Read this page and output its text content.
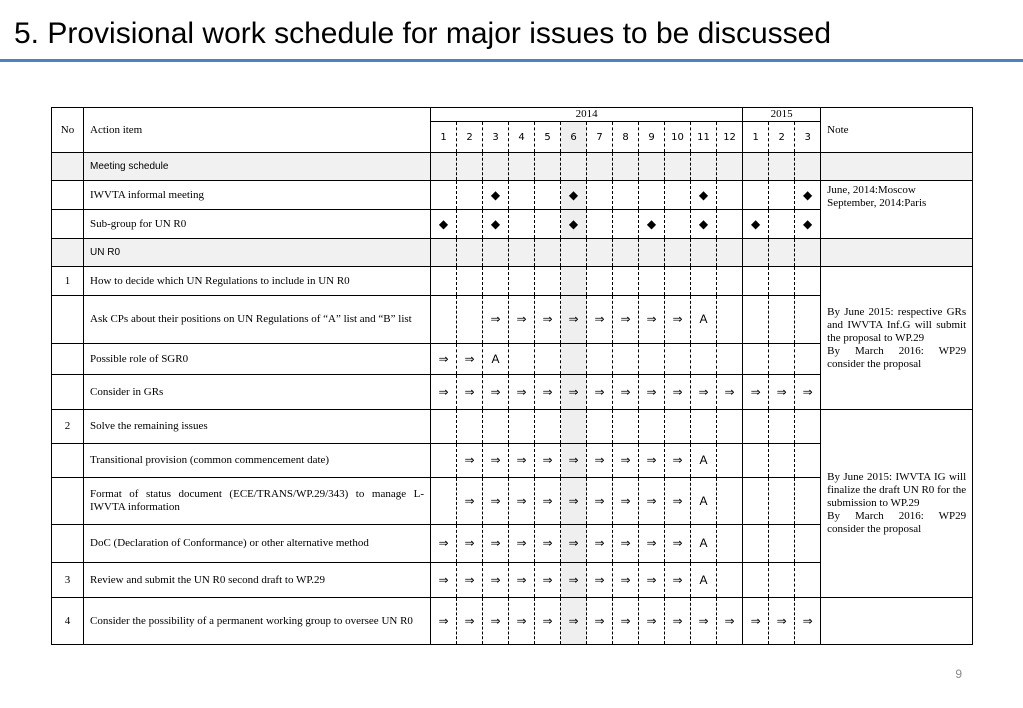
5. Provisional work schedule for major issues to be discussed
No	Action item	2014												2015			Note
		1	2	3	4	5	6	7	8	9	10	11	12	1	2	3	
	Meeting schedule																
	IWVTA informal meeting			◆			◆					◆				◆	June, 2014:Moscow
September, 2014:Paris
	Sub-group for UN R0	◆		◆			◆			◆		◆		◆		◆	
	UN R0																
1	How to decide which UN Regulations to include in UN R0																By June 2015: respective GRs and IWVTA Inf.G will submit the proposal to WP.29
By March 2016: WP29 consider the proposal
	Ask CPs about their positions on UN Regulations of “A” list and “B” list			⇒	⇒	⇒	⇒	⇒	⇒	⇒	⇒	A					
	Possible role of SGR0	⇒	⇒	A													
	Consider in GRs	⇒	⇒	⇒	⇒	⇒	⇒	⇒	⇒	⇒	⇒	⇒	⇒	⇒	⇒	⇒	
2	Solve the remaining issues																By June 2015: IWVTA IG will finalize the draft UN R0 for the submission to WP.29
By March 2016: WP29 consider the proposal
	Transitional provision (common commencement date)		⇒	⇒	⇒	⇒	⇒	⇒	⇒	⇒	⇒	A					
	Format of status document (ECE/TRANS/WP.29/343) to manage L-IWVTA information		⇒	⇒	⇒	⇒	⇒	⇒	⇒	⇒	⇒	A					
	DoC (Declaration of Conformance) or other alternative method	⇒	⇒	⇒	⇒	⇒	⇒	⇒	⇒	⇒	⇒	A					
3	Review and submit the UN R0 second draft to WP.29	⇒	⇒	⇒	⇒	⇒	⇒	⇒	⇒	⇒	⇒	A					
4	Consider the possibility of a permanent working group to oversee UN R0	⇒	⇒	⇒	⇒	⇒	⇒	⇒	⇒	⇒	⇒	⇒	⇒	⇒	⇒	⇒	
9
